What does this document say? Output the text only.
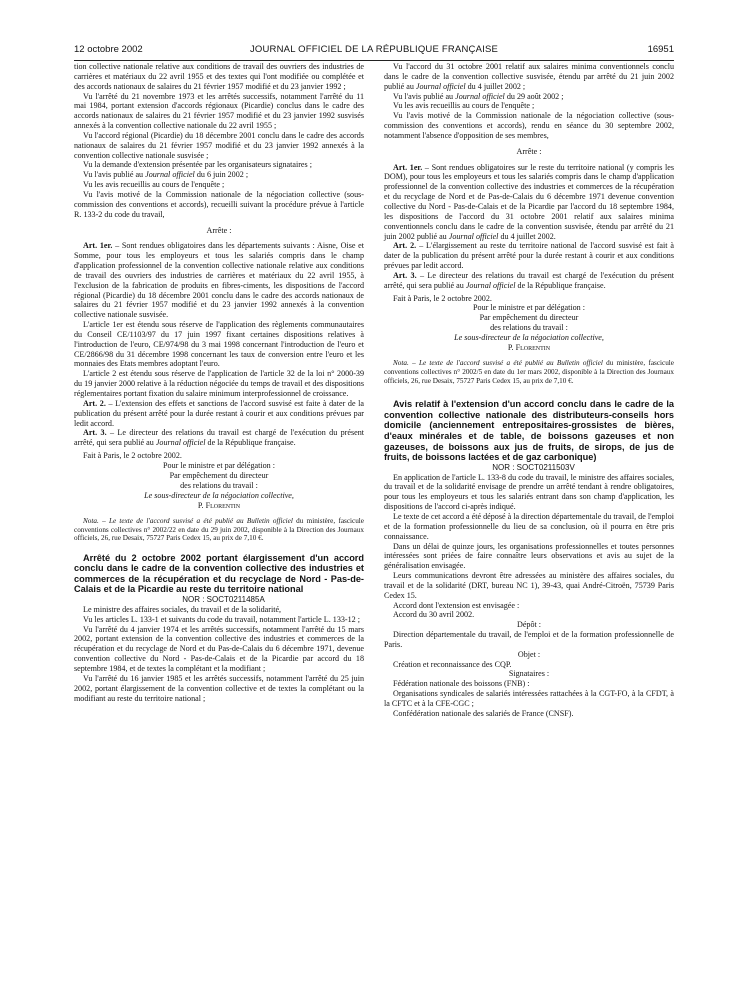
12 octobre 2002	JOURNAL OFFICIEL DE LA RÉPUBLIQUE FRANÇAISE	16951

tion collective nationale relative aux conditions de travail des ouvriers des industries de carrières et matériaux du 22 avril 1955 et des textes qui l'ont modifiée ou complétée et des accords nationaux de salaires du 21 février 1957 modifié et du 23 janvier 1992 ;

Vu l'arrêté du 21 novembre 1973 et les arrêtés successifs, notamment l'arrêté du 11 mai 1984, portant extension d'accords régionaux (Picardie) conclus dans le cadre des accords nationaux de salaires du 21 février 1957 modifié et du 23 janvier 1992 susvisés annexés à la convention collective nationale du 22 avril 1955 ;

Vu l'accord régional (Picardie) du 18 décembre 2001 conclu dans le cadre des accords nationaux de salaires du 21 février 1957 modifié et du 23 janvier 1992 annexés à la convention collective nationale susvisée ;

Vu la demande d'extension présentée par les organisateurs signataires ;

Vu l'avis publié au Journal officiel du 6 juin 2002 ;

Vu les avis recueillis au cours de l'enquête ;

Vu l'avis motivé de la Commission nationale de la négociation collective (sous-commission des conventions et accords), recueilli suivant la procédure prévue à l'article R. 133-2 du code du travail,

Arrête :

Art. 1er. – Sont rendues obligatoires dans les départements suivants : Aisne, Oise et Somme, pour tous les employeurs et tous les salariés compris dans le champ d'application professionnel de la convention collective nationale relative aux conditions de travail des ouvriers des industries de carrières et matériaux du 22 avril 1955, à l'exclusion de la fabrication de produits en fibres-ciments, les dispositions de l'accord régional (Picardie) du 18 décembre 2001 conclu dans le cadre des accords nationaux de salaires du 21 février 1957 modifié et du 23 janvier 1992 annexés à la convention collective nationale susvisée.

L'article 1er est étendu sous réserve de l'application des règlements communautaires du Conseil CE/1103/97 du 17 juin 1997 fixant certaines dispositions relatives à l'introduction de l'euro, CE/974/98 du 3 mai 1998 concernant l'introduction de l'euro et CE/2866/98 du 31 décembre 1998 concernant les taux de conversion entre l'euro et les monnaies des Etats membres adoptant l'euro.

L'article 2 est étendu sous réserve de l'application de l'article 32 de la loi n° 2000-39 du 19 janvier 2000 relative à la réduction négociée du temps de travail et des dispositions réglementaires portant fixation du salaire minimum interprofessionnel de croissance.

Art. 2. – L'extension des effets et sanctions de l'accord susvisé est faite à dater de la publication du présent arrêté pour la durée restant à courir et aux conditions prévues par ledit accord.

Art. 3. – Le directeur des relations du travail est chargé de l'exécution du présent arrêté, qui sera publié au Journal officiel de la République française.

Fait à Paris, le 2 octobre 2002.

Pour le ministre et par délégation :
Par empêchement du directeur
des relations du travail :
Le sous-directeur de la négociation collective,
P. Florentin

Nota. – Le texte de l'accord susvisé a été publié au Bulletin officiel du ministère, fascicule conventions collectives n° 2002/22 en date du 29 juin 2002, disponible à la Direction des Journaux officiels, 26, rue Desaix, 75727 Paris Cedex 15, au prix de 7,10 €.

Arrêté du 2 octobre 2002 portant élargissement d'un accord conclu dans le cadre de la convention collective des industries et commerces de la récupération et du recyclage de Nord - Pas-de-Calais et de la Picardie au reste du territoire national

NOR : SOCT0211485A

Le ministre des affaires sociales, du travail et de la solidarité,

Vu les articles L. 133-1 et suivants du code du travail, notamment l'article L. 133-12 ;

Vu l'arrêté du 4 janvier 1974 et les arrêtés successifs, notamment l'arrêté du 15 mars 2002, portant extension de la convention collective des industries et commerces de la récupération et du recyclage de Nord et du Pas-de-Calais du 6 décembre 1971, devenue convention collective du Nord - Pas-de-Calais et de la Picardie par accord du 18 septembre 1984, et de textes la complétant et la modifiant ;

Vu l'arrêté du 16 janvier 1985 et les arrêtés successifs, notamment l'arrêté du 25 juin 2002, portant élargissement de la convention collective et de textes la complétant ou la modifiant au reste du territoire national ;

Vu l'accord du 31 octobre 2001 relatif aux salaires minima conventionnels conclu dans le cadre de la convention collective susvisée, étendu par arrêté du 21 juin 2002 publié au Journal officiel du 4 juillet 2002 ;

Vu l'avis publié au Journal officiel du 29 août 2002 ;

Vu les avis recueillis au cours de l'enquête ;

Vu l'avis motivé de la Commission nationale de la négociation collective (sous-commission des conventions et accords), rendu en séance du 30 septembre 2002, notamment l'absence d'opposition de ses membres,

Arrête :

Art. 1er. – Sont rendues obligatoires sur le reste du territoire national (y compris les DOM), pour tous les employeurs et tous les salariés compris dans le champ d'application professionnel de la convention collective des industries et commerces de la récupération et du recyclage de Nord et de Pas-de-Calais du 6 décembre 1971 devenue convention collective du Nord - Pas-de-Calais et de la Picardie par l'accord du 18 septembre 1984, les dispositions de l'accord du 31 octobre 2001 relatif aux salaires minima conventionnels conclu dans le cadre de la convention susvisée, étendu par arrêté du 21 juin 2002 publié au Journal officiel du 4 juillet 2002.

Art. 2. – L'élargissement au reste du territoire national de l'accord susvisé est fait à dater de la publication du présent arrêté pour la durée restant à courir et aux conditions prévues par ledit accord.

Art. 3. – Le directeur des relations du travail est chargé de l'exécution du présent arrêté, qui sera publié au Journal officiel de la République française.

Fait à Paris, le 2 octobre 2002.

Pour le ministre et par délégation :
Par empêchement du directeur
des relations du travail :
Le sous-directeur de la négociation collective,
P. Florentin

Nota. – Le texte de l'accord susvisé a été publié au Bulletin officiel du ministère, fascicule conventions collectives n° 2002/5 en date du 1er mars 2002, disponible à la Direction des Journaux officiels, 26, rue Desaix, 75727 Paris Cedex 15, au prix de 7,10 €.

Avis relatif à l'extension d'un accord conclu dans le cadre de la convention collective nationale des distributeurs-conseils hors domicile (anciennement entrepositaires-grossistes de bières, d'eaux minérales et de table, de boissons gazeuses et non gazeuses, de boissons aux jus de fruits, de sirops, de jus de fruits, de boissons lactées et de gaz carbonique)

NOR : SOCT0211503V

En application de l'article L. 133-8 du code du travail, le ministre des affaires sociales, du travail et de la solidarité envisage de prendre un arrêté tendant à rendre obligatoires, pour tous les employeurs et tous les salariés entrant dans son champ d'application, les dispositions de l'accord ci-après indiqué.

Le texte de cet accord a été déposé à la direction départementale du travail, de l'emploi et de la formation professionnelle du lieu de sa conclusion, où il pourra en être pris connaissance.

Dans un délai de quinze jours, les organisations professionnelles et toutes personnes intéressées sont priées de faire connaître leurs observations et avis au sujet de la généralisation envisagée.

Leurs communications devront être adressées au ministère des affaires sociales, du travail et de la solidarité (DRT, bureau NC 1), 39-43, quai André-Citroën, 75739 Paris Cedex 15.

Accord dont l'extension est envisagée :

Accord du 30 avril 2002.

Dépôt :

Direction départementale du travail, de l'emploi et de la formation professionnelle de Paris.

Objet :

Création et reconnaissance des CQP.

Signataires :

Fédération nationale des boissons (FNB) :

Organisations syndicales de salariés intéressées rattachées à la CGT-FO, à la CFDT, à la CFTC et à la CFE-CGC ;

Confédération nationale des salariés de France (CNSF).
